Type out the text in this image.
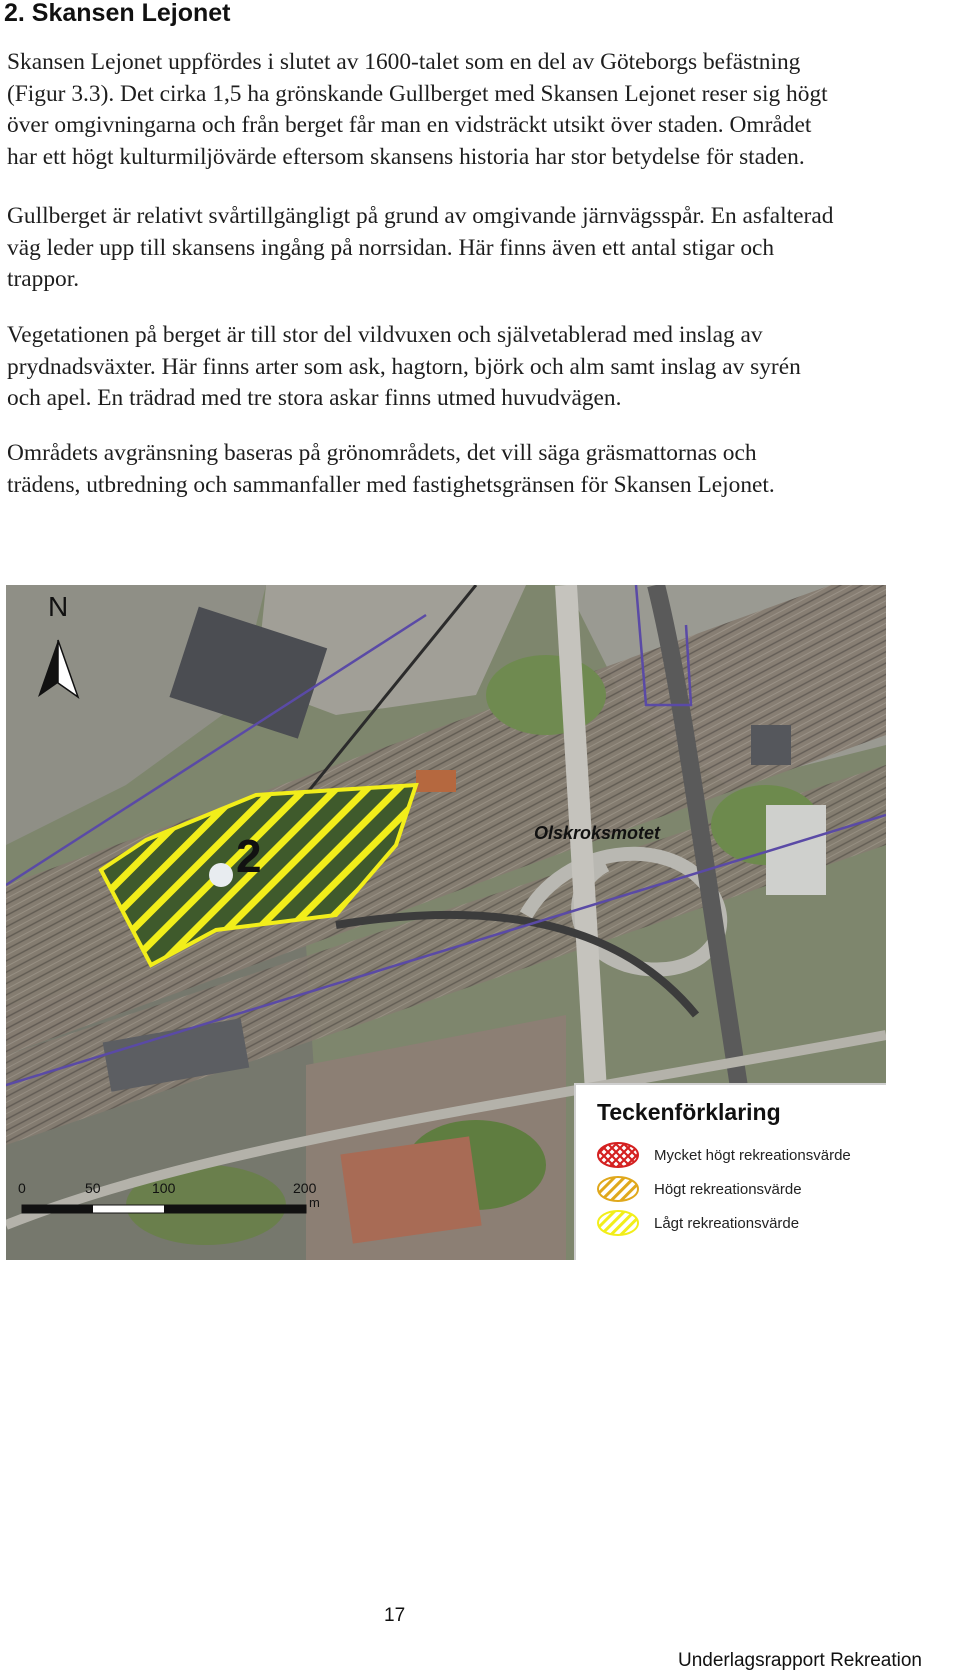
2. Skansen Lejonet
Skansen Lejonet uppfördes i slutet av 1600-talet som en del av Göteborgs befästning
(Figur 3.3). Det cirka 1,5 ha grönskande Gullberget med Skansen Lejonet reser sig högt
över omgivningarna och från berget får man en vidsträckt utsikt över staden. Området
har ett högt kulturmiljövärde eftersom skansens historia har stor betydelse för staden.
Gullberget är relativt svårtillgängligt på grund av omgivande järnvägsspår. En asfalterad
väg leder upp till skansens ingång på norrsidan. Här finns även ett antal stigar och
trappor.
Vegetationen på berget är till stor del vildvuxen och självetablerad med inslag av
prydnadsväxter. Här finns arter som ask, hagtorn, björk och alm samt inslag av syrén
och apel. En trädrad med tre stora askar finns utmed huvudvägen.
Områdets avgränsning baseras på grönområdets, det vill säga gräsmattornas och
trädens, utbredning och sammanfaller med fastighetsgränsen för Skansen Lejonet.
N
2	Olskroksmotet
0	50	100	200
m
Teckenförklaring
Mycket högt rekreationsvärde
Högt rekreationsvärde
Lågt rekreationsvärde
17
Underlagsrapport Rekreation
